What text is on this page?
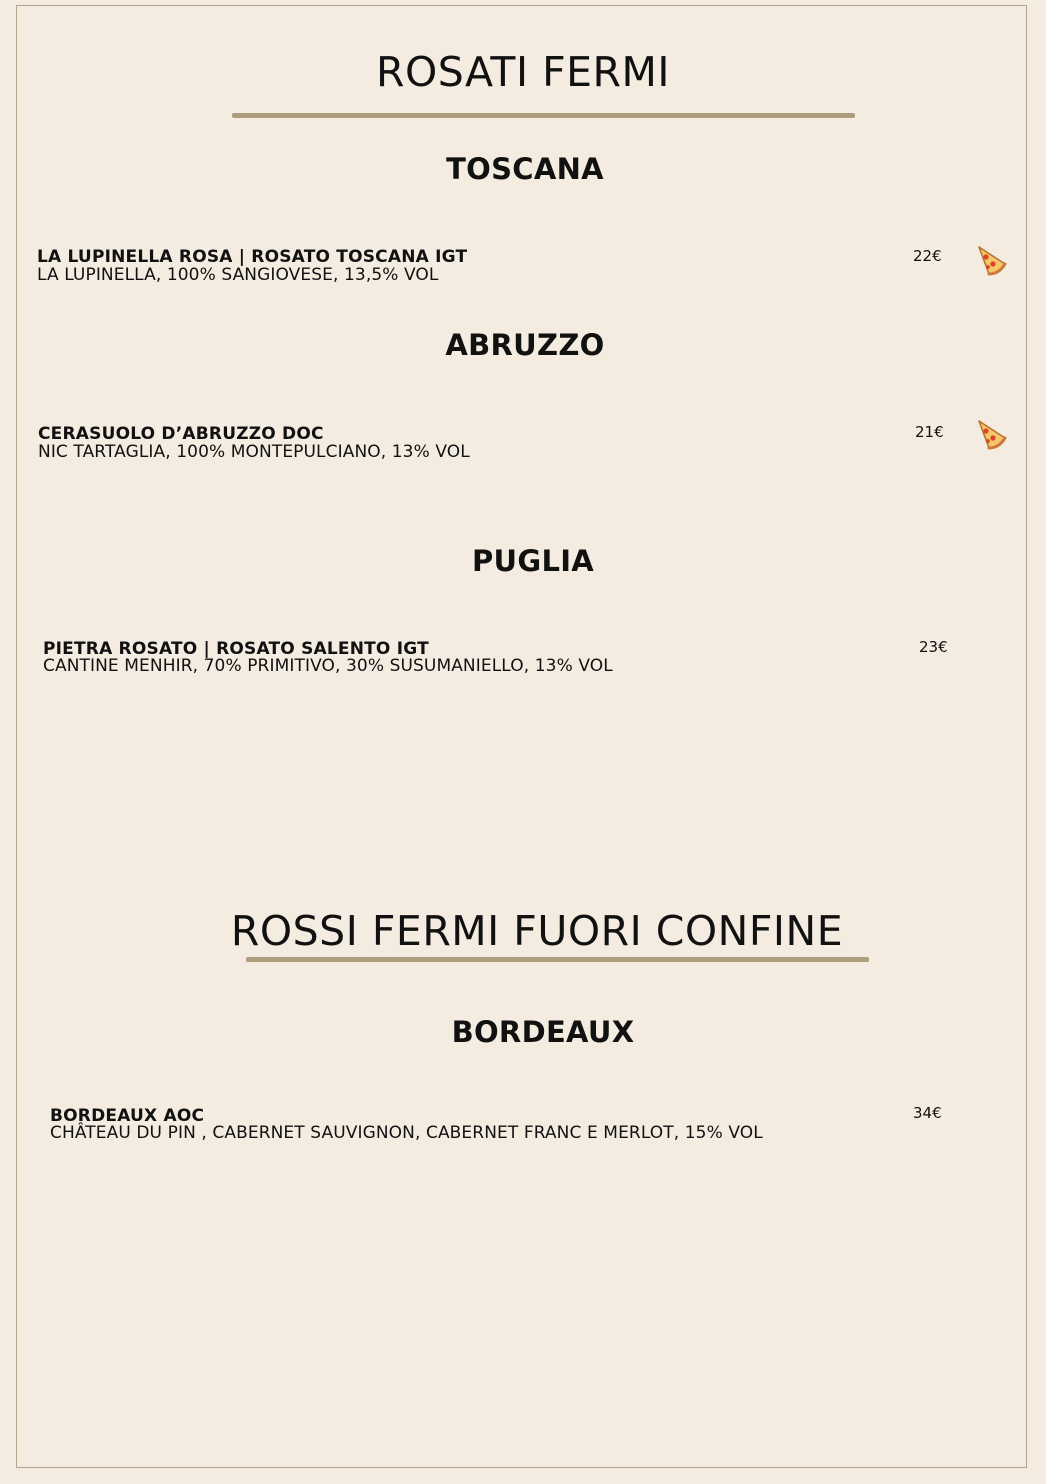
ROSATI FERMI
TOSCANA
LA LUPINELLA ROSA | ROSATO TOSCANA IGT
LA LUPINELLA, 100% SANGIOVESE, 13,5% VOL
22€
ABRUZZO
CERASUOLO D’ABRUZZO DOC
NIC TARTAGLIA, 100% MONTEPULCIANO, 13% VOL
21€
PUGLIA
PIETRA ROSATO | ROSATO SALENTO IGT
CANTINE MENHIR, 70% PRIMITIVO, 30% SUSUMANIELLO, 13% VOL
23€
ROSSI FERMI FUORI CONFINE
BORDEAUX
BORDEAUX AOC
CHÂTEAU DU PIN , CABERNET SAUVIGNON, CABERNET FRANC E MERLOT, 15% VOL
34€
